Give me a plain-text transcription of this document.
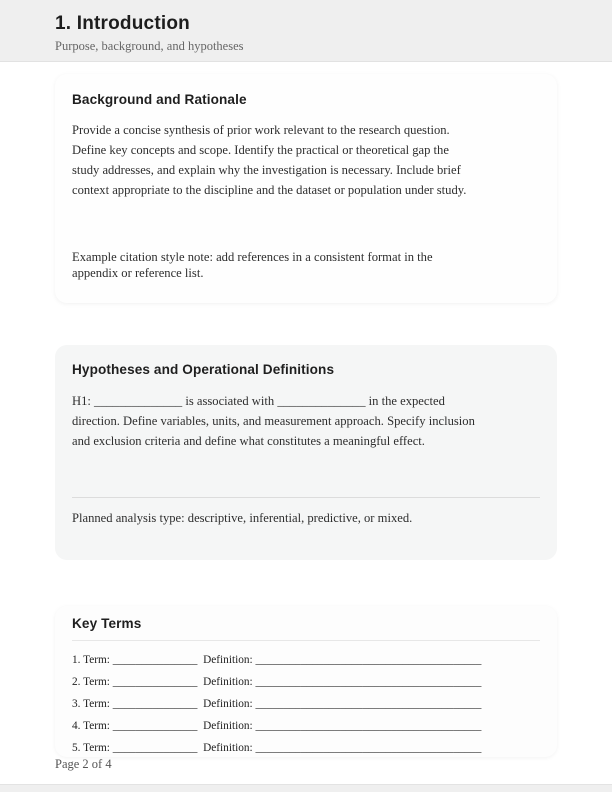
1. Introduction
Purpose, background, and hypotheses
Background and Rationale
Provide a concise synthesis of prior work relevant to the research question.
Define key concepts and scope. Identify the practical or theoretical gap the
study addresses, and explain why the investigation is necessary. Include brief
context appropriate to the discipline and the dataset or population under study.
Example citation style note: add references in a consistent format in the
appendix or reference list.
Hypotheses and Operational Definitions
H1: ______________ is associated with ______________ in the expected
direction. Define variables, units, and measurement approach. Specify inclusion
and exclusion criteria and define what constitutes a meaningful effect.
Planned analysis type: descriptive, inferential, predictive, or mixed.
Key Terms
1. Term: _______________  Definition: ________________________________________
2. Term: _______________  Definition: ________________________________________
3. Term: _______________  Definition: ________________________________________
4. Term: _______________  Definition: ________________________________________
5. Term: _______________  Definition: ________________________________________
Page 2 of 4
